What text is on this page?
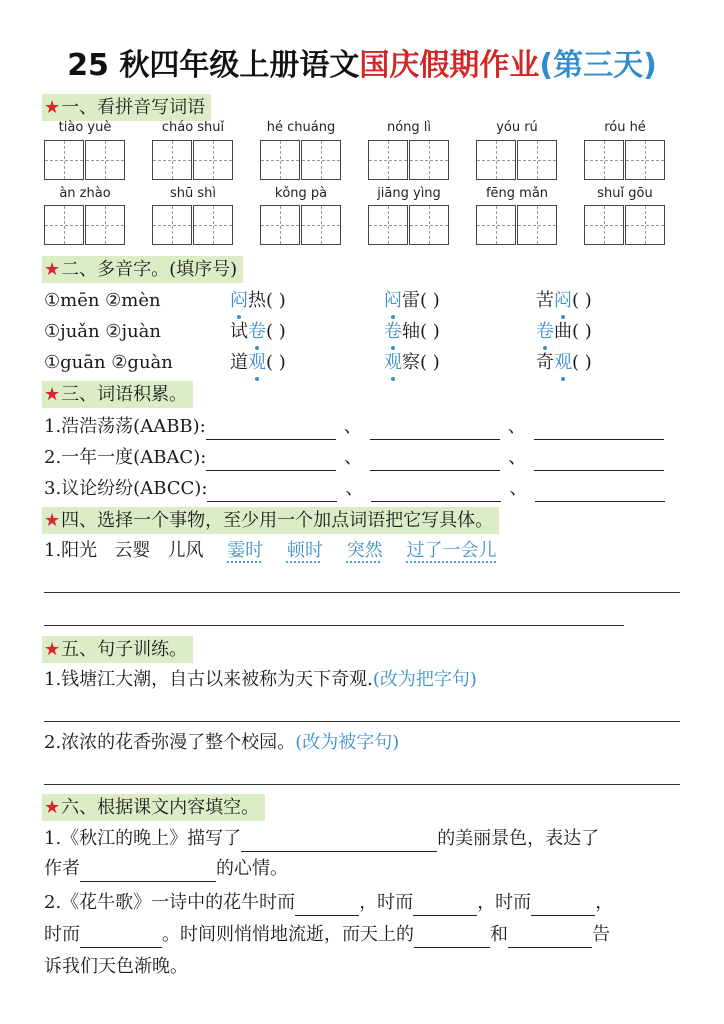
25 秋四年级上册语文国庆假期作业(第三天)
★一、看拼音写词语
tiào yuè	cháo shuǐ	hé chuáng	nóng lì	yóu rú	róu hé
àn zhào	shū shì	kǒng pà	jiāng yìng	fēng mǎn	shuǐ gōu
★二、多音字。(填序号)
①mēn ②mèn	闷热( )	闷雷( )	苦闷( )
①juǎn ②juàn	试卷( )	卷轴( )	卷曲( )
①guān ②guàn	道观( )	观察( )	奇观( )
★三、词语积累。
1.浩浩荡荡(AABB):	、	、
2.一年一度(ABAC):	、	、
3.议论纷纷(ABCC):	、	、
★四、选择一个事物，至少用一个加点词语把它写具体。
1.阳光   云婴   儿风 霎时 顿时 突然 过了一会儿
★五、句子训练。
1.钱塘江大潮，自古以来被称为天下奇观.(改为把字句)
2.浓浓的花香弥漫了整个校园。(改为被字句)
★六、根据课文内容填空。
1.《秋江的晚上》描写了	的美丽景色，表达了
作者	的心情。
2.《花牛歌》一诗中的花牛时而	，时而	，时而	，
时而	。时间则悄悄地流逝，而天上的	和	告
诉我们天色渐晚。
